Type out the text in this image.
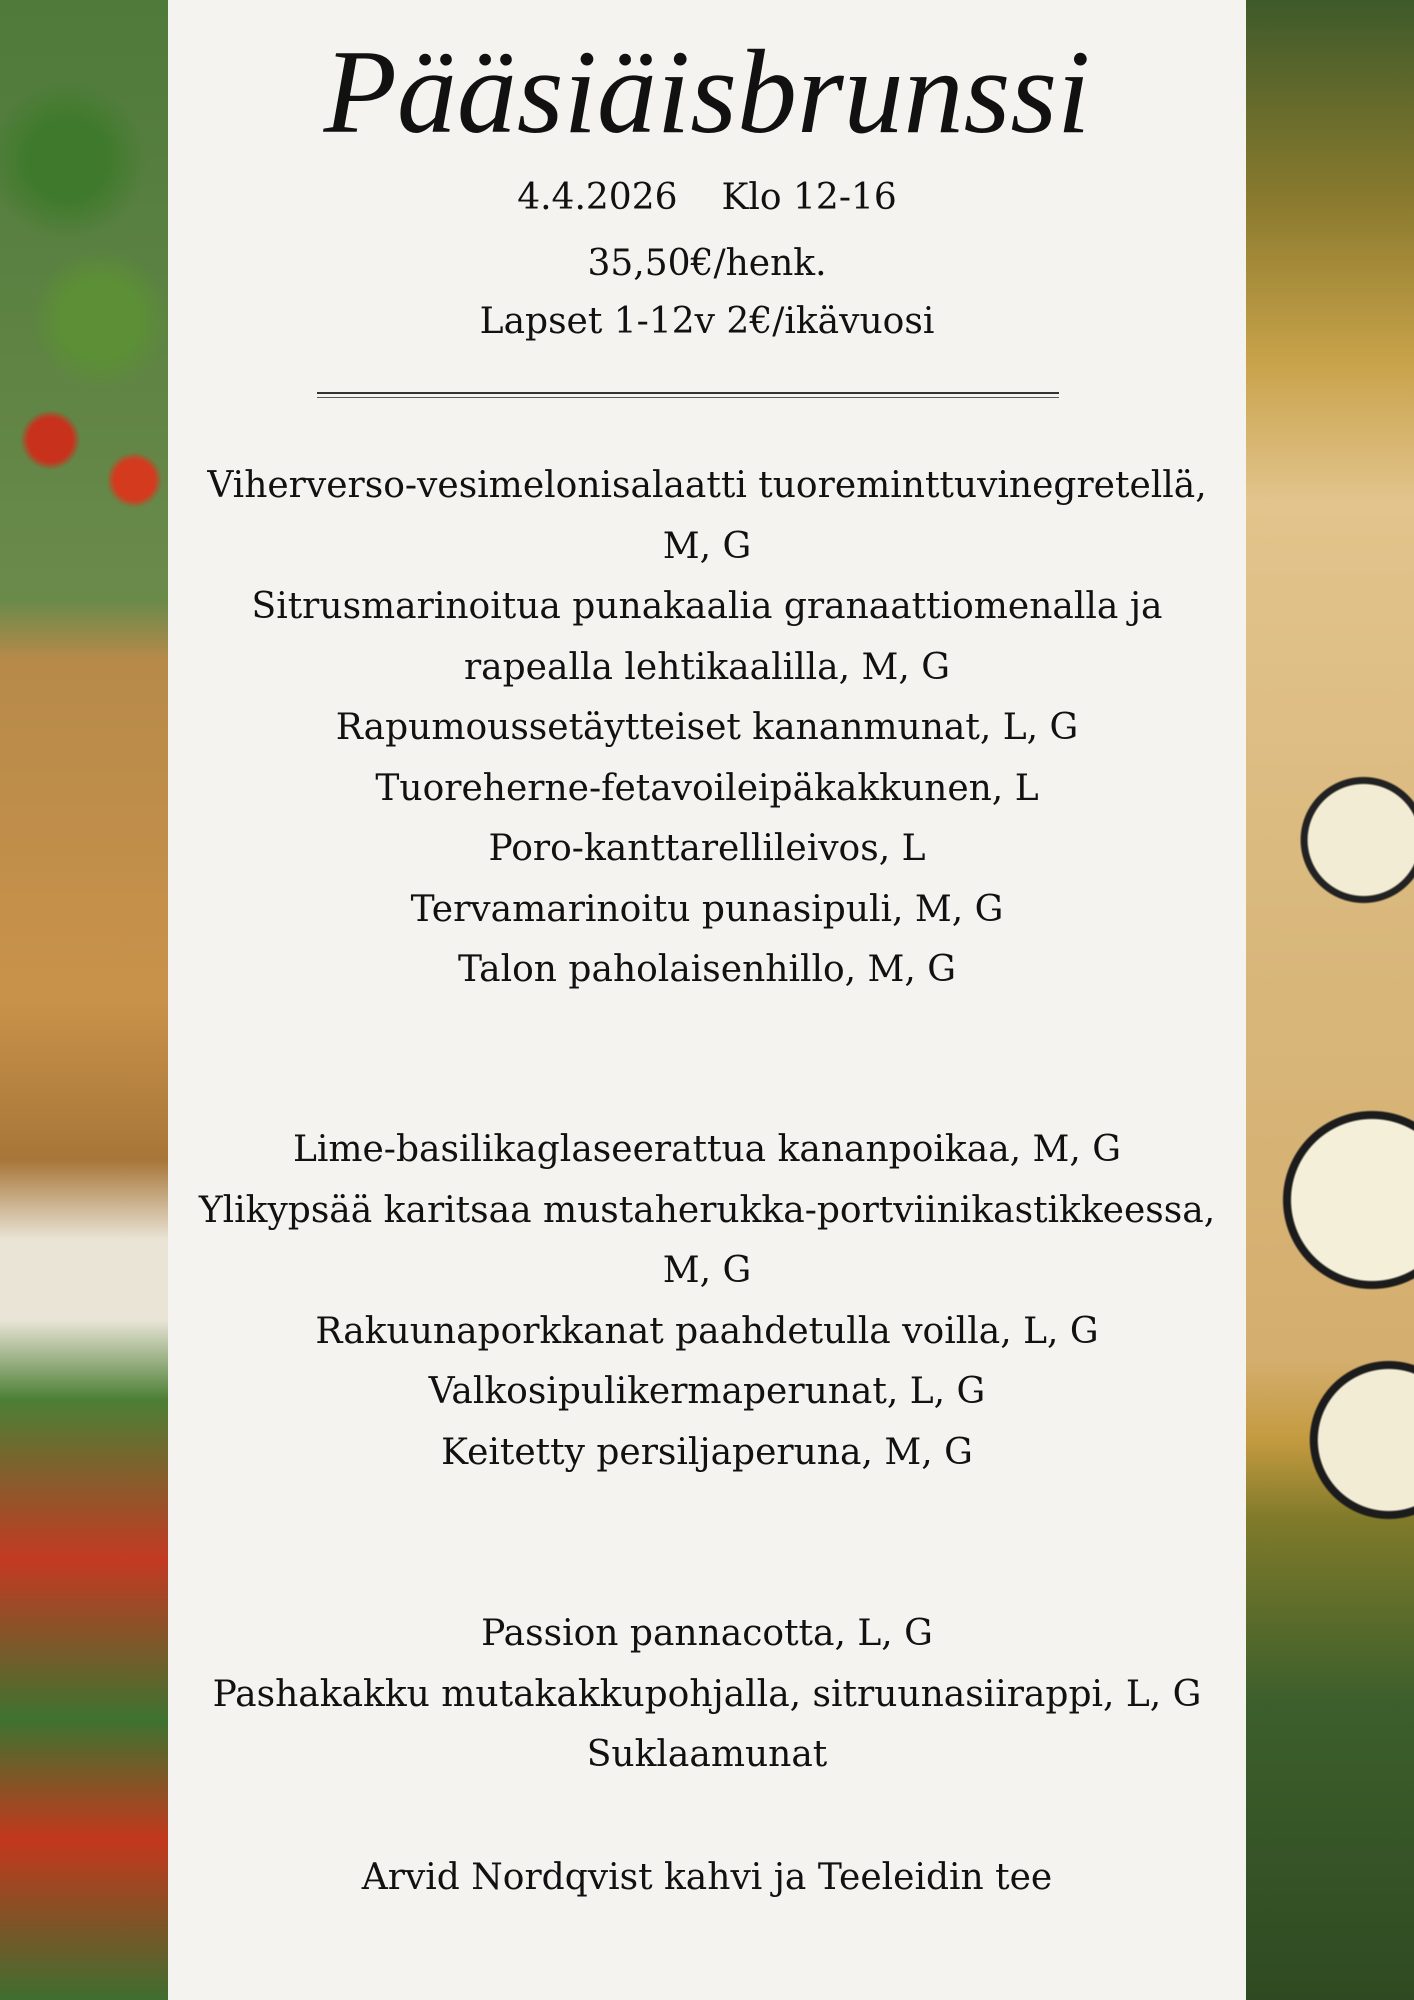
Pääsiäisbrunssi

4.4.2026 Klo 12-16

35,50€/henk.

Lapset 1-12v 2€/ikävuosi

Viherverso-vesimelonisalaatti tuoreminttuvinegretellä,

M, G

Sitrusmarinoitua punakaalia granaattiomenalla ja

rapealla lehtikaalilla, M, G

Rapumoussetäytteiset kananmunat, L, G

Tuoreherne-fetavoileipäkakkunen, L

Poro-kanttarellileivos, L

Tervamarinoitu punasipuli, M, G

Talon paholaisenhillo, M, G

Lime-basilikaglaseerattua kananpoikaa, M, G

Ylikypsää karitsaa mustaherukka-portviinikastikkeessa,

M, G

Rakuunaporkkanat paahdetulla voilla, L, G

Valkosipulikermaperunat, L, G

Keitetty persiljaperuna, M, G

Passion pannacotta, L, G

Pashakakku mutakakkupohjalla, sitruunasiirappi, L, G

Suklaamunat

Arvid Nordqvist kahvi ja Teeleidin tee
